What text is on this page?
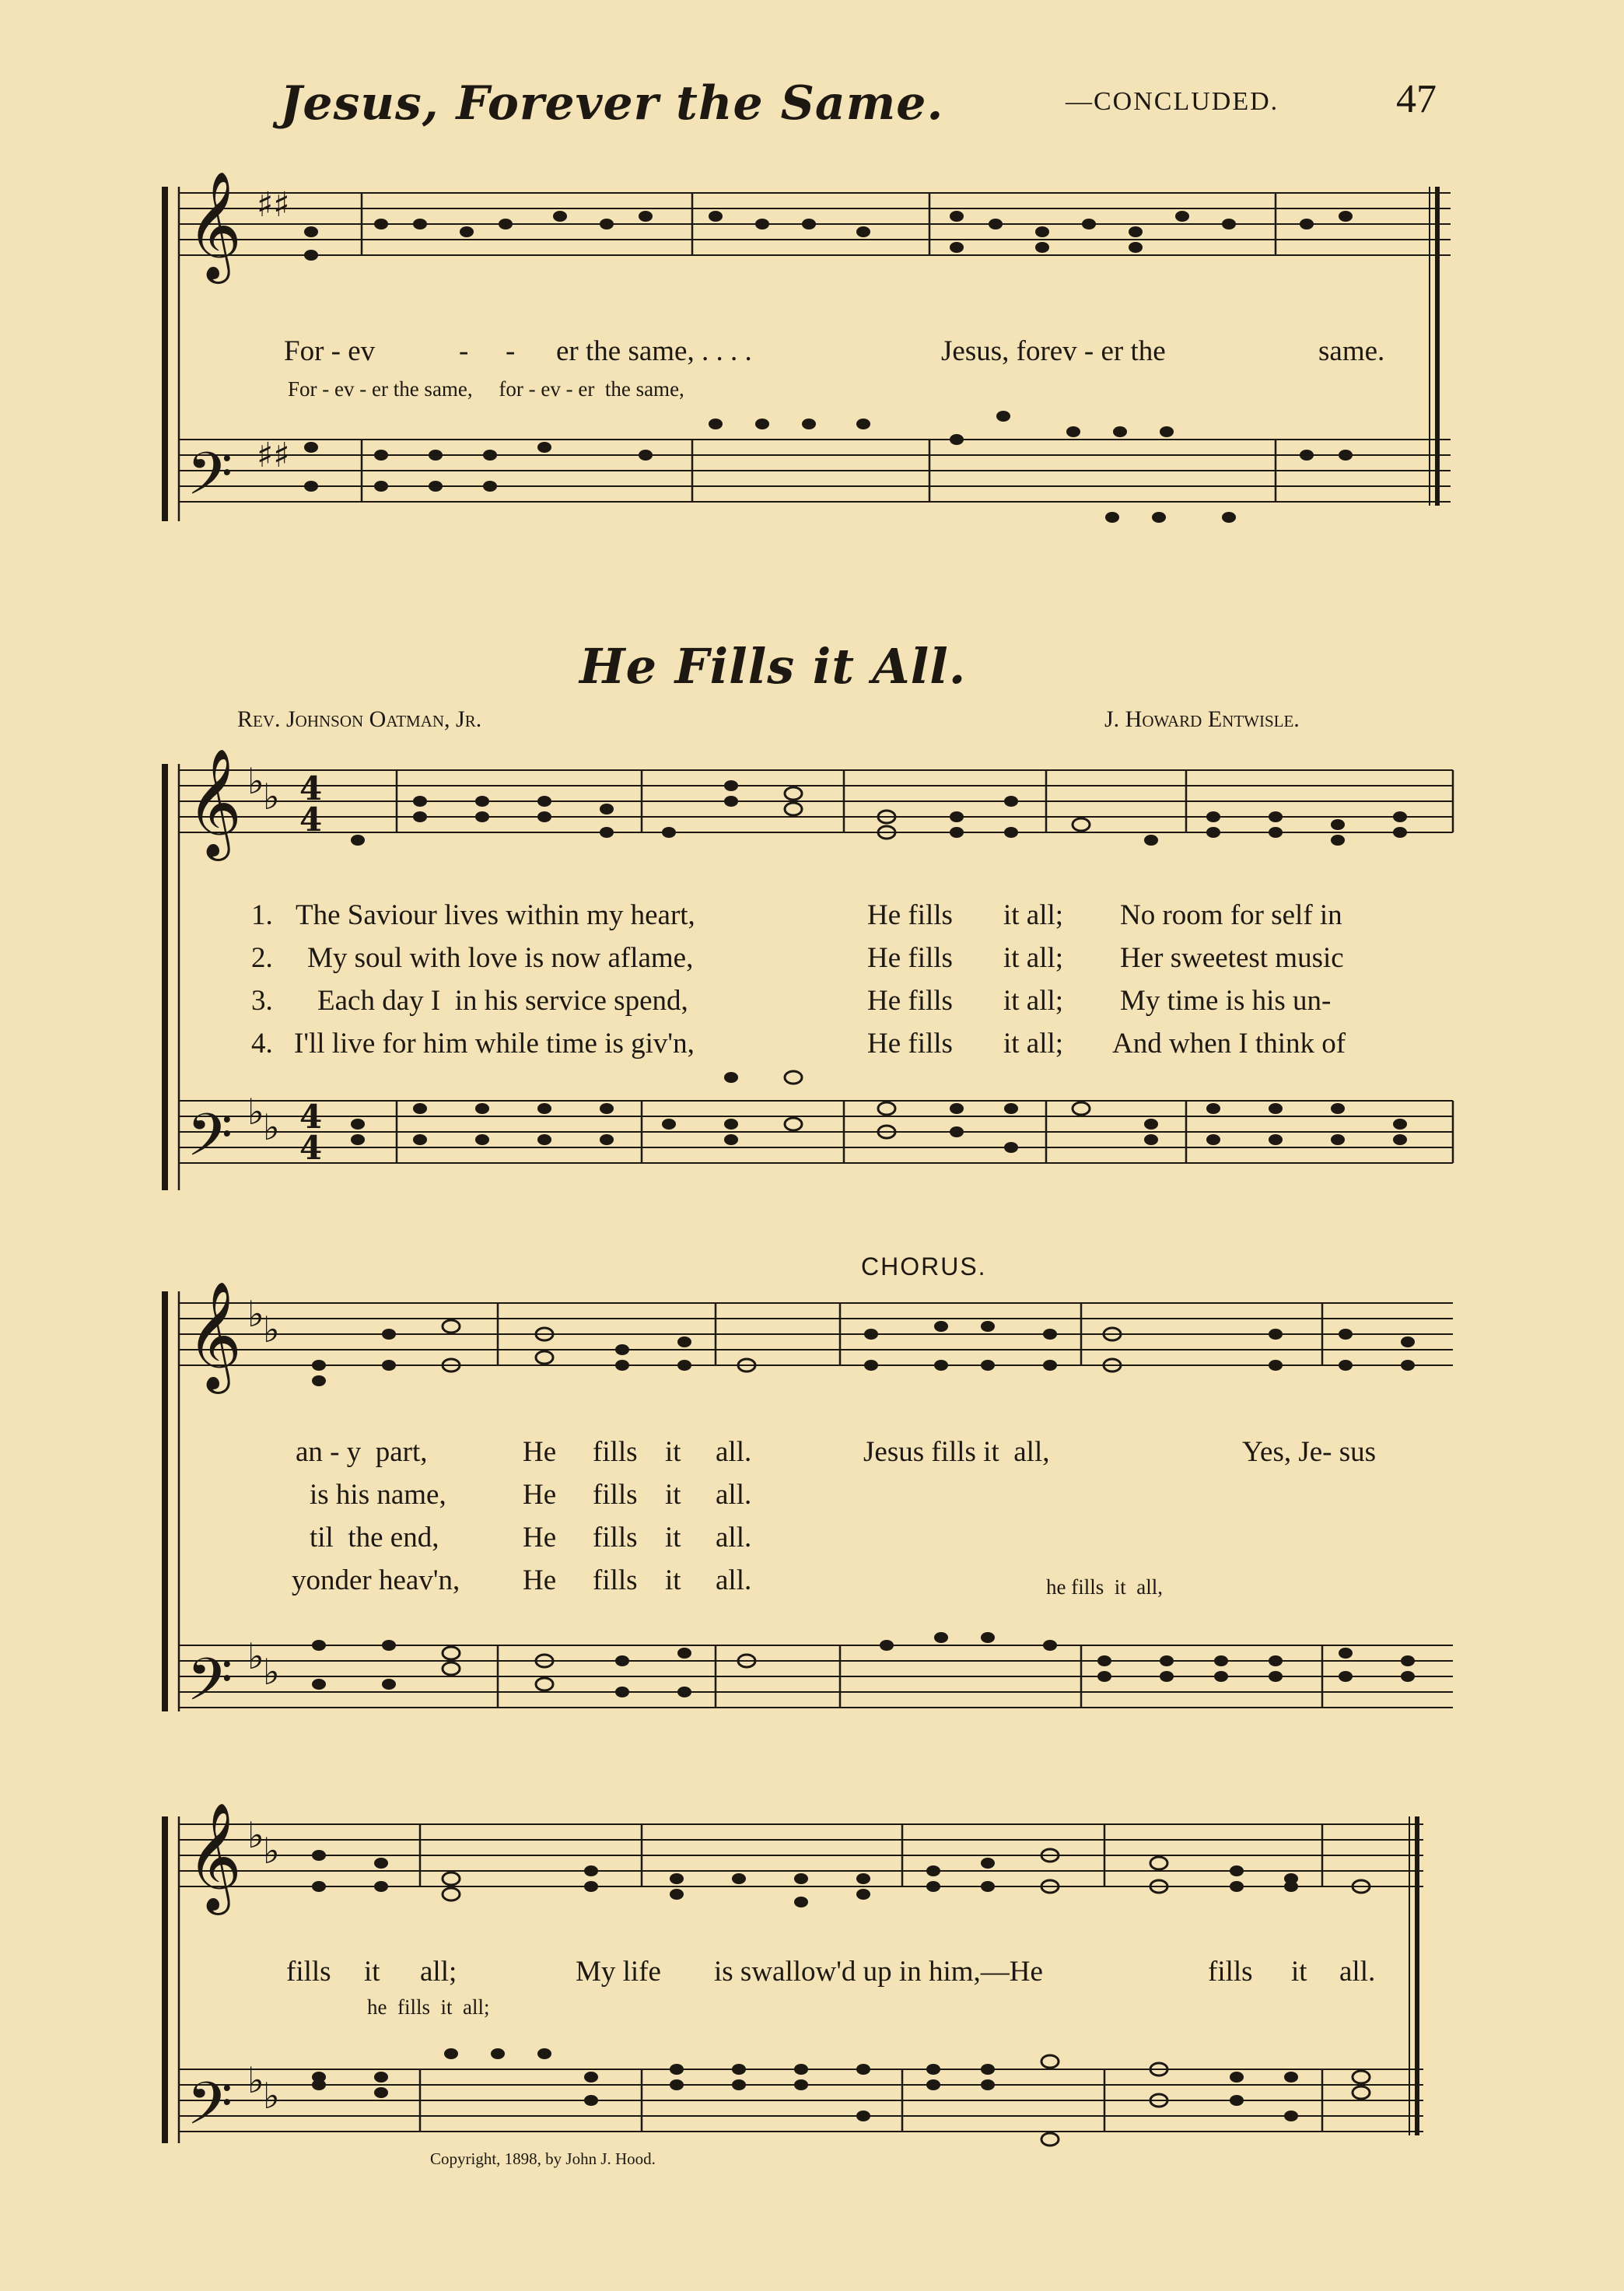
Jesus, Forever the Same.	—CONCLUDED.	47
𝄞
𝄢
♯♯
♯♯
For - ev	- - er the same, . . . .	Jesus, forev - er the	same.
For - ev - er the same,     for - ev - er  the same,
He Fills it All.
Rev. Johnson Oatman, Jr.	J. Howard Entwisle.
𝄞
𝄢
♭
♭
♭
♭
4
4
4
4
1. The Saviour lives within my heart,	He fills it all; No room for self in
2. My soul with love is now aflame,	He fills it all; Her sweetest music
3. Each day I  in his service spend,	He fills it all; My time is his un-
4. I'll live for him while time is giv'n,	He fills it all; And when I think of
CHORUS.
𝄞
𝄢
♭
♭
♭
♭
an - y  part,	He fills it all.
is his name,	He fills it all.
til  the end,	He fills it all.
yonder heav'n, He fills it all.
Jesus fills it  all,	Yes, Je- sus
he fills  it  all,
𝄞
𝄢
♭
♭
♭
♭
fills it all;	My life is swallow'd up in him,—He	fills it all.
he  fills  it  all;
Copyright, 1898, by John J. Hood.
